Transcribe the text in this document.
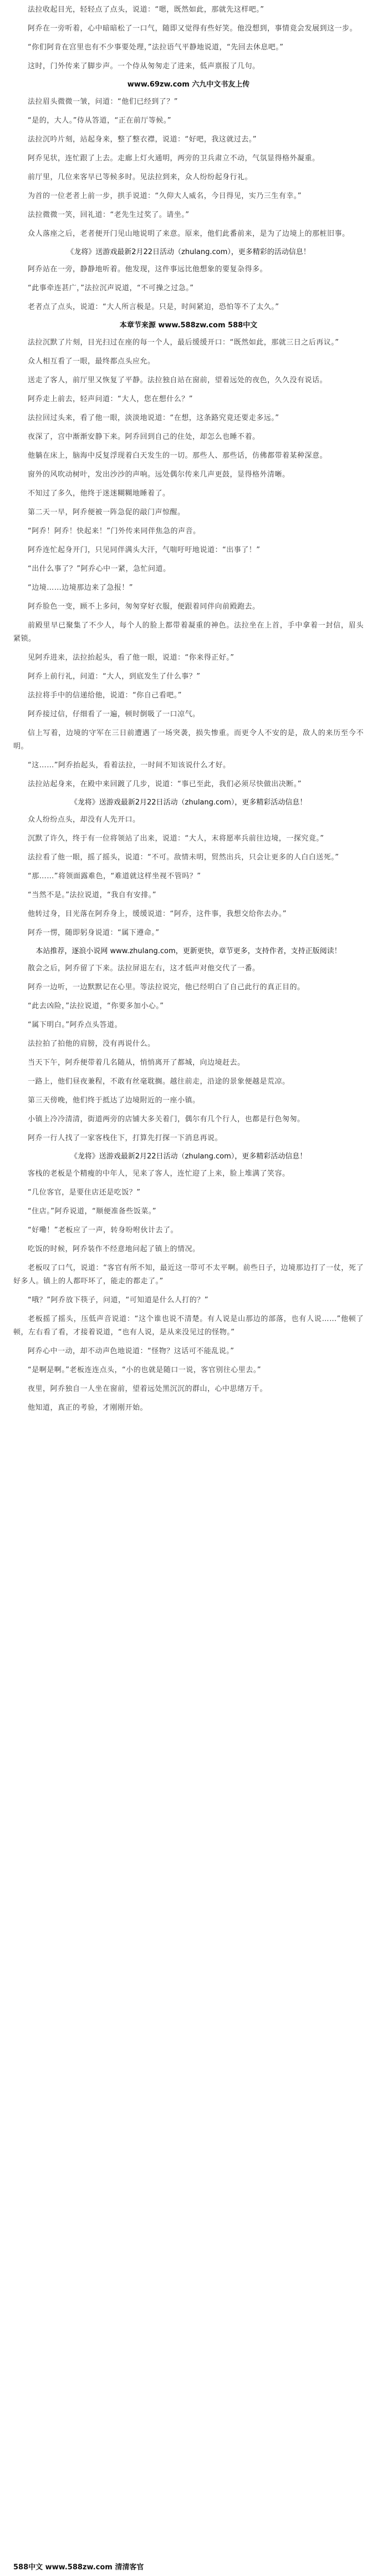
法拉收起目光，轻轻点了点头，说道：“嗯，既然如此，那就先这样吧。”

阿乔在一旁听着，心中暗暗松了一口气，随即又觉得有些好笑。他没想到，事情竟会发展到这一步。

“你们阿肯在宫里也有不少事要处理，”法拉语气平静地说道，“先回去休息吧。”

这时，门外传来了脚步声。一个侍从匆匆走了进来，低声禀报了几句。

www.69zw.com 六九中文书友上传

法拉眉头微微一皱，问道：“他们已经到了？”

“是的，大人。”侍从答道，“正在前厅等候。”

法拉沉吟片刻，站起身来，整了整衣襟，说道：“好吧，我这就过去。”

阿乔见状，连忙跟了上去。走廊上灯火通明，两旁的卫兵肃立不动，气氛显得格外凝重。

前厅里，几位来客早已等候多时。见法拉到来，众人纷纷起身行礼。

为首的一位老者上前一步，拱手说道：“久仰大人威名，今日得见，实乃三生有幸。”

法拉微微一笑，回礼道：“老先生过奖了。请坐。”

众人落座之后，老者便开门见山地说明了来意。原来，他们此番前来，是为了边境上的那桩旧事。

《龙将》送游戏最新2月22日活动（zhulang.com），更多精彩的活动信息！

阿乔站在一旁，静静地听着。他发现，这件事远比他想象的要复杂得多。

“此事牵连甚广，”法拉沉声说道，“不可操之过急。”

老者点了点头，说道：“大人所言极是。只是，时间紧迫，恐怕等不了太久。”

本章节来源 www.588zw.com 588中文

法拉沉默了片刻，目光扫过在座的每一个人，最后缓缓开口：“既然如此，那就三日之后再议。”

众人相互看了一眼，最终都点头应允。

送走了客人，前厅里又恢复了平静。法拉独自站在窗前，望着远处的夜色，久久没有说话。

阿乔走上前去，轻声问道：“大人，您在想什么？”

法拉回过头来，看了他一眼，淡淡地说道：“在想，这条路究竟还要走多远。”

夜深了，宫中渐渐安静下来。阿乔回到自己的住处，却怎么也睡不着。

他躺在床上，脑海中反复浮现着白天发生的一切。那些人、那些话，仿佛都带着某种深意。

窗外的风吹动树叶，发出沙沙的声响。远处偶尔传来几声更鼓，显得格外清晰。

不知过了多久，他终于迷迷糊糊地睡着了。

第二天一早，阿乔便被一阵急促的敲门声惊醒。

“阿乔！阿乔！快起来！”门外传来同伴焦急的声音。

阿乔连忙起身开门，只见同伴满头大汗，气喘吁吁地说道：“出事了！”

“出什么事了？”阿乔心中一紧，急忙问道。

“边境……边境那边来了急报！”

阿乔脸色一变，顾不上多问，匆匆穿好衣服，便跟着同伴向前殿跑去。

前殿里早已聚集了不少人，每个人的脸上都带着凝重的神色。法拉坐在上首，手中拿着一封信，眉头紧锁。

见阿乔进来，法拉抬起头，看了他一眼，说道：“你来得正好。”

阿乔上前行礼，问道：“大人，到底发生了什么事？”

法拉将手中的信递给他，说道：“你自己看吧。”

阿乔接过信，仔细看了一遍，顿时倒吸了一口凉气。

信上写着，边境的守军在三日前遭遇了一场突袭，损失惨重。而更令人不安的是，敌人的来历至今不明。

“这……”阿乔抬起头，看着法拉，一时间不知该说什么才好。

法拉站起身来，在殿中来回踱了几步，说道：“事已至此，我们必须尽快做出决断。”

《龙将》送游戏最新2月22日活动（zhulang.com），更多精彩活动信息！

众人纷纷点头，却没有人先开口。

沉默了许久，终于有一位将领站了出来，说道：“大人，末将愿率兵前往边境，一探究竟。”

法拉看了他一眼，摇了摇头，说道：“不可。敌情未明，贸然出兵，只会让更多的人白白送死。”

“那……”将领面露难色，“难道就这样坐视不管吗？”

“当然不是。”法拉说道，“我自有安排。”

他转过身，目光落在阿乔身上，缓缓说道：“阿乔，这件事，我想交给你去办。”

阿乔一愣，随即躬身说道：“属下遵命。”

本站推荐，逐浪小说网 www.zhulang.com，更新更快，章节更多，支持作者，支持正版阅读！

散会之后，阿乔留了下来。法拉屏退左右，这才低声对他交代了一番。

阿乔一边听，一边默默记在心里。等法拉说完，他已经明白了自己此行的真正目的。

“此去凶险，”法拉说道，“你要多加小心。”

“属下明白。”阿乔点头答道。

法拉拍了拍他的肩膀，没有再说什么。

当天下午，阿乔便带着几名随从，悄悄离开了都城，向边境赶去。

一路上，他们昼夜兼程，不敢有丝毫耽搁。越往前走，沿途的景象便越是荒凉。

第三天傍晚，他们终于抵达了边境附近的一座小镇。

小镇上冷冷清清，街道两旁的店铺大多关着门，偶尔有几个行人，也都是行色匆匆。

阿乔一行人找了一家客栈住下，打算先打探一下消息再说。

《龙将》送游戏最新2月22日活动（zhulang.com），更多精彩活动信息！

客栈的老板是个精瘦的中年人，见来了客人，连忙迎了上来，脸上堆满了笑容。

“几位客官，是要住店还是吃饭？”

“住店。”阿乔说道，“顺便准备些饭菜。”

“好嘞！”老板应了一声，转身吩咐伙计去了。

吃饭的时候，阿乔装作不经意地问起了镇上的情况。

老板叹了口气，说道：“客官有所不知，最近这一带可不太平啊。前些日子，边境那边打了一仗，死了好多人。镇上的人都吓坏了，能走的都走了。”

“哦？”阿乔放下筷子，问道，“可知道是什么人打的？”

老板摇了摇头，压低声音说道：“这个谁也说不清楚。有人说是山那边的部落，也有人说……”他顿了顿，左右看了看，才接着说道，“也有人说，是从来没见过的怪物。”

阿乔心中一动，却不动声色地说道：“怪物？这话可不能乱说。”

“是啊是啊。”老板连连点头，“小的也就是随口一说，客官别往心里去。”

夜里，阿乔独自一人坐在窗前，望着远处黑沉沉的群山，心中思绪万千。

他知道，真正的考验，才刚刚开始。

588中文 www.588zw.com 清清客官
